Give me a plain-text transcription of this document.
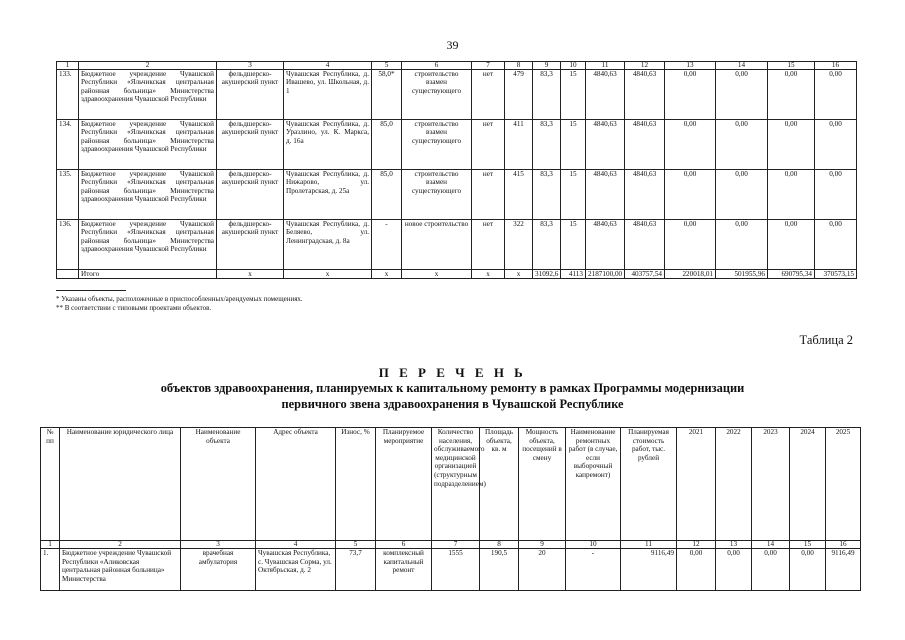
39
1	2	3	4	5	6	7	8	9	10	11	12	13	14	15	16
133.	Бюджетное учреждение Чувашской Республики «Яльчикская центральная районная больница» Министерства здравоохранения Чувашской Республики	фельдшерско-акушерский пункт	Чувашская Республика, д. Ивашево, ул. Школьная, д. 1	58,0*	строительство взамен существующего	нет	479	83,3	15	4840,63	4840,63	0,00	0,00	0,00	0,00
134.	Бюджетное учреждение Чувашской Республики «Яльчикская центральная районная больница» Министерства здравоохранения Чувашской Республики	фельдшерско-акушерский пункт	Чувашская Республика, д. Уразлино, ул. К. Маркса, д. 16а	85,0	строительство взамен существующего	нет	411	83,3	15	4840,63	4840,63	0,00	0,00	0,00	0,00
135.	Бюджетное учреждение Чувашской Республики «Яльчикская центральная районная больница» Министерства здравоохранения Чувашской Республики	фельдшерско-акушерский пункт	Чувашская Республика, д. Нижарово, ул. Пролетарская, д. 25а	85,0	строительство взамен существующего	нет	415	83,3	15	4840,63	4840,63	0,00	0,00	0,00	0,00
136.	Бюджетное учреждение Чувашской Республики «Яльчикская центральная районная больница» Министерства здравоохранения Чувашской Республики	фельдшерско-акушерский пункт	Чувашская Республика, д. Беляево, ул. Ленинградская, д. 8а	-	новое строительство	нет	322	83,3	15	4840,63	4840,63	0,00	0,00	0,00	0,00
	Итого	x	x	x	x	x	x	31092,6	4113	2187100,00	403757,54	220018,01	501955,96	690795,34	370573,15
* Указаны объекты, расположенные в приспособленных/арендуемых помещениях.
** В соответствии с типовыми проектами объектов.
Таблица 2
П Е Р Е Ч Е Н Ь
объектов здравоохранения, планируемых к капитальному ремонту в рамках Программы модернизации
первичного звена здравоохранения в Чувашской Республике
№ пп	Наименование юридического лица	Наименование объекта	Адрес объекта	Износ, %	Планируемое мероприятие	Количество населения, обслуживаемого медицинской организацией (структурным подразделением)	Площадь объекта, кв. м	Мощность объекта, посещений в смену	Наименование ремонтных работ (в случае, если выборочный капремонт)	Планируемая стоимость работ, тыс. рублей	2021	2022	2023	2024	2025
1	2	3	4	5	6	7	8	9	10	11	12	13	14	15	16
1.	Бюджетное учреждение Чувашской Республики «Аликовская центральная районная больница» Министерства	врачебная амбулатория	Чувашская Республика, с. Чувашская Сорма, ул. Октябрьская, д. 2	73,7	комплексный капитальный ремонт	1555	190,5	20	-	9116,49	0,00	0,00	0,00	0,00	9116,49
